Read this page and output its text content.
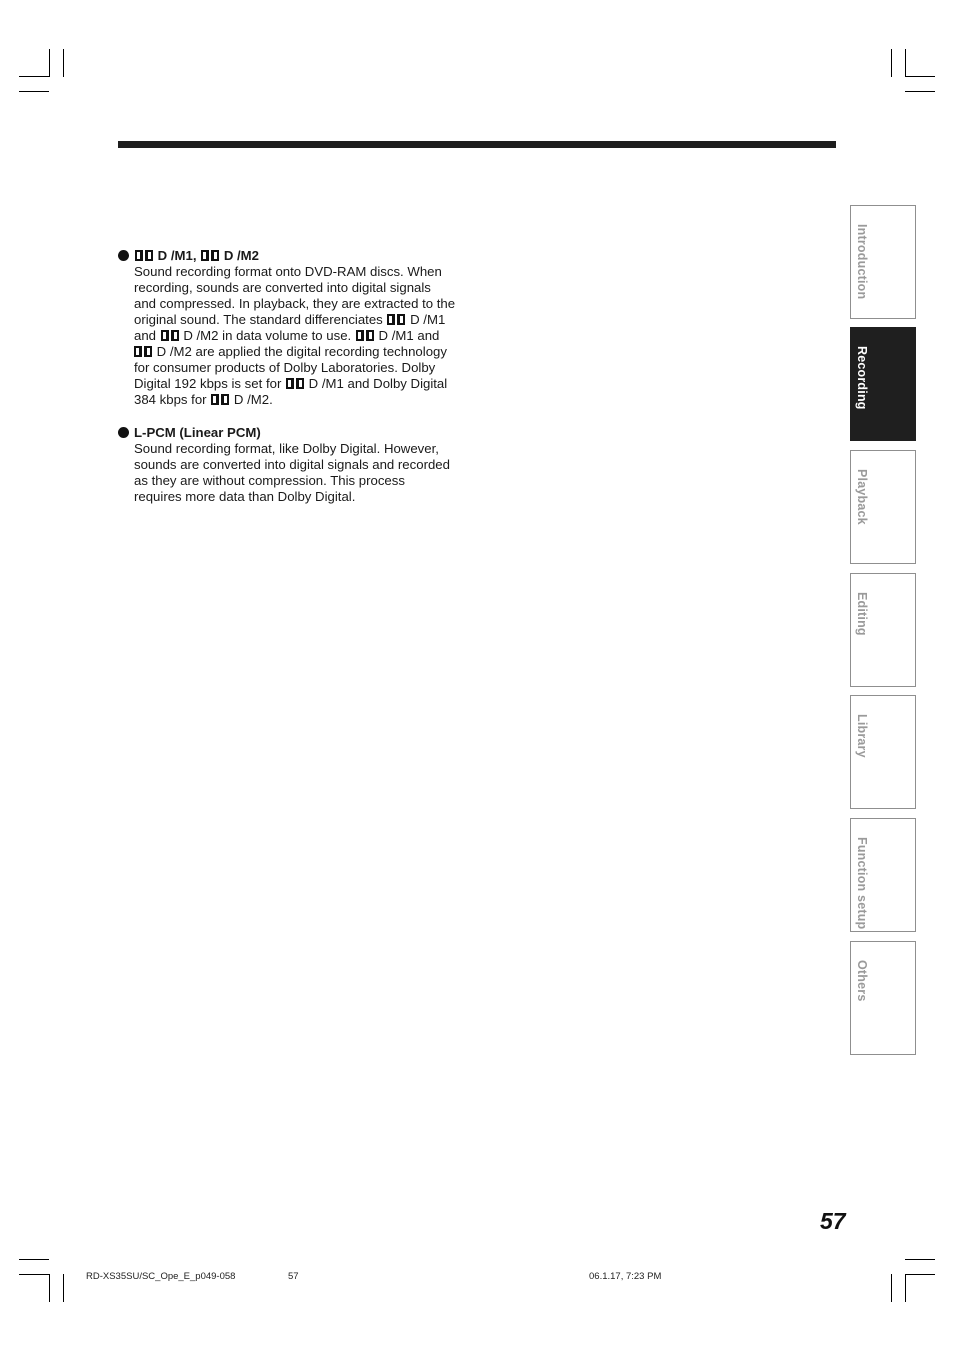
D /M1,  D /M2
Sound recording format onto DVD-RAM discs. When
recording, sounds are converted into digital signals
and compressed. In playback, they are extracted to the
original sound. The standard differenciates  D /M1
and  D /M2 in data volume to use.  D /M1 and
D /M2 are applied the digital recording technology
for consumer products of Dolby Laboratories. Dolby
Digital 192 kbps is set for  D /M1 and Dolby Digital
384 kbps for  D /M2.
L-PCM (Linear PCM)
Sound recording format, like Dolby Digital. However,
sounds are converted into digital signals and recorded
as they are without compression. This process
requires more data than Dolby Digital.
Introduction
Recording
Playback
Editing
Library
Function setup
Others
57
RD-XS35SU/SC_Ope_E_p049-058	57	06.1.17, 7:23 PM
